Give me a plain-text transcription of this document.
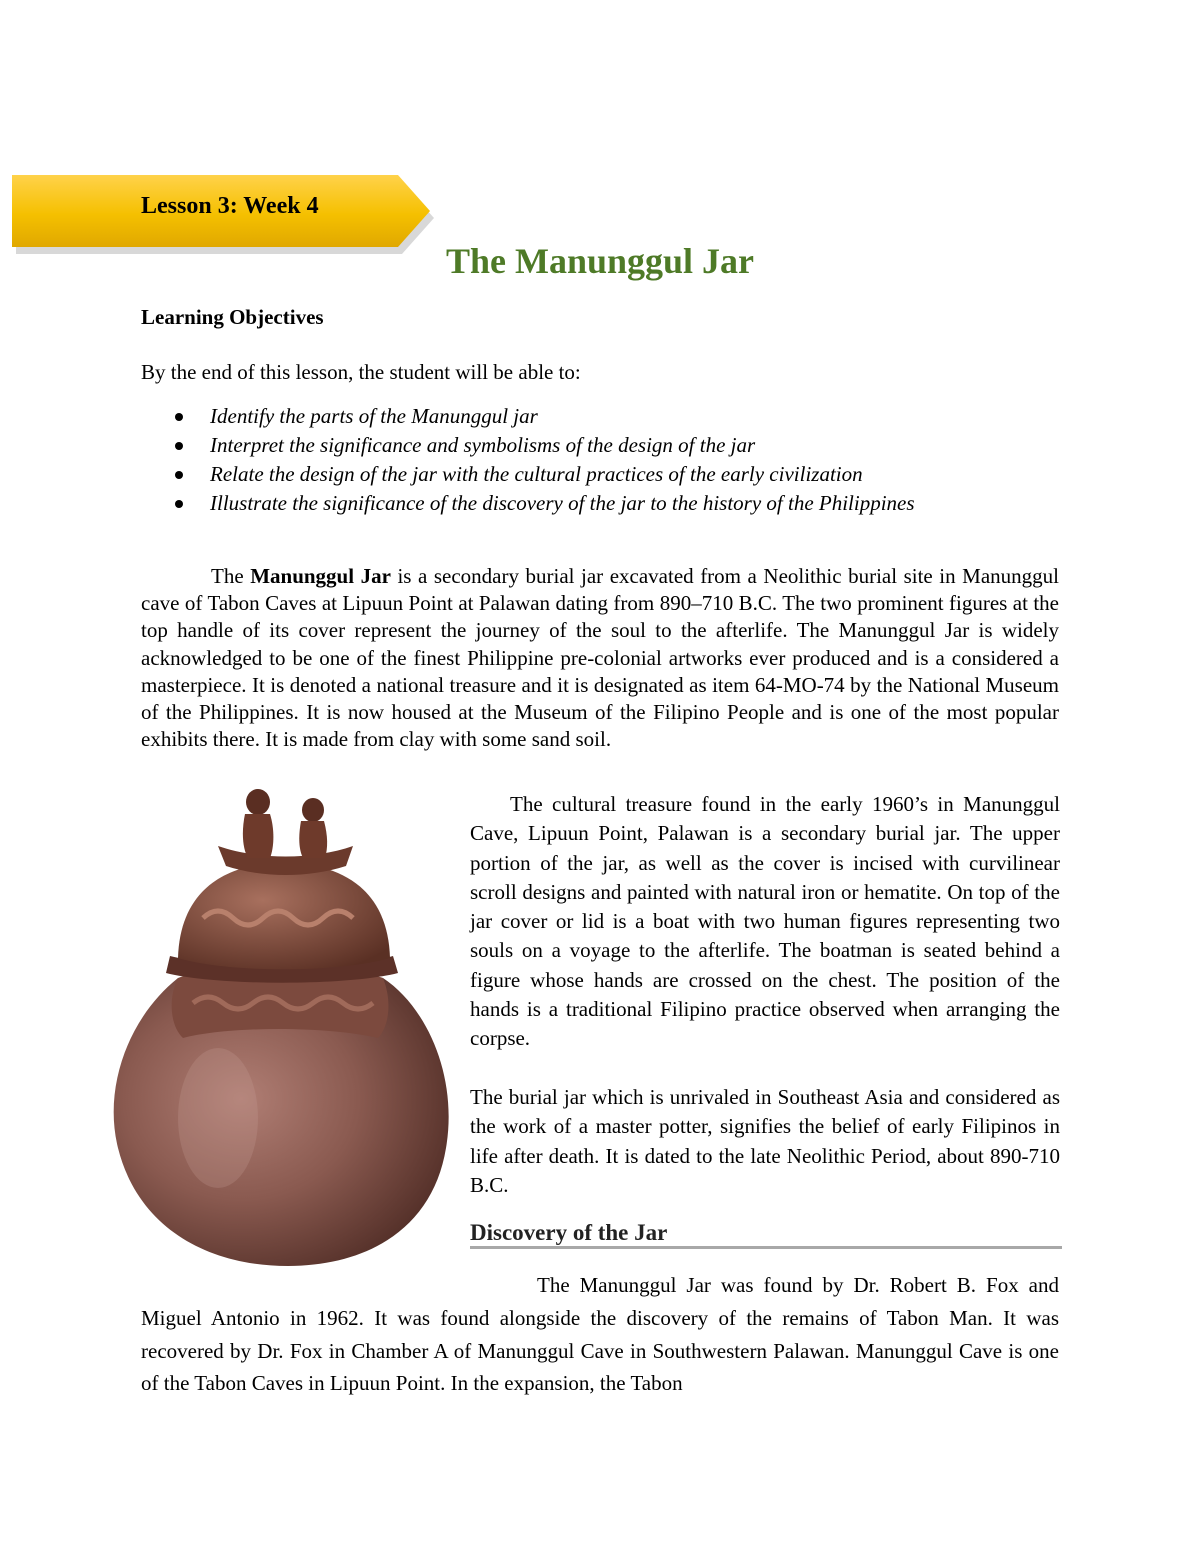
Lesson 3: Week 4
The Manunggul Jar
Learning Objectives
By the end of this lesson, the student will be able to:
Identify the parts of the Manunggul jar
Interpret the significance and symbolisms of the design of the jar
Relate the design of the jar with the cultural practices of the early civilization
Illustrate the significance of the discovery of the jar to the history of the Philippines

The Manunggul Jar is a secondary burial jar excavated from a Neolithic burial site in Manunggul cave of Tabon Caves at Lipuun Point at Palawan dating from 890–710 B.C. The two prominent figures at the top handle of its cover represent the journey of the soul to the afterlife. The Manunggul Jar is widely acknowledged to be one of the finest Philippine pre-colonial artworks ever produced and is a considered a masterpiece. It is denoted a national treasure and it is designated as item 64-MO-74 by the National Museum of the Philippines. It is now housed at the Museum of the Filipino People and is one of the most popular exhibits there. It is made from clay with some sand soil.

The cultural treasure found in the early 1960’s in Manunggul Cave, Lipuun Point, Palawan is a secondary burial jar. The upper portion of the jar, as well as the cover is incised with curvilinear scroll designs and painted with natural iron or hematite. On top of the jar cover or lid is a boat with two human figures representing two souls on a voyage to the afterlife. The boatman is seated behind a figure whose hands are crossed on the chest. The position of the hands is a traditional Filipino practice observed when arranging the corpse.

The burial jar which is unrivaled in Southeast Asia and considered as the work of a master potter, signifies the belief of early Filipinos in life after death. It is dated to the late Neolithic Period, about 890-710 B.C.

Discovery of the Jar

The Manunggul Jar was found by Dr. Robert B. Fox and Miguel Antonio in 1962. It was found alongside the discovery of the remains of Tabon Man. It was recovered by Dr. Fox in Chamber A of Manunggul Cave in Southwestern Palawan. Manunggul Cave is one of the Tabon Caves in Lipuun Point. In the expansion, the Tabon
